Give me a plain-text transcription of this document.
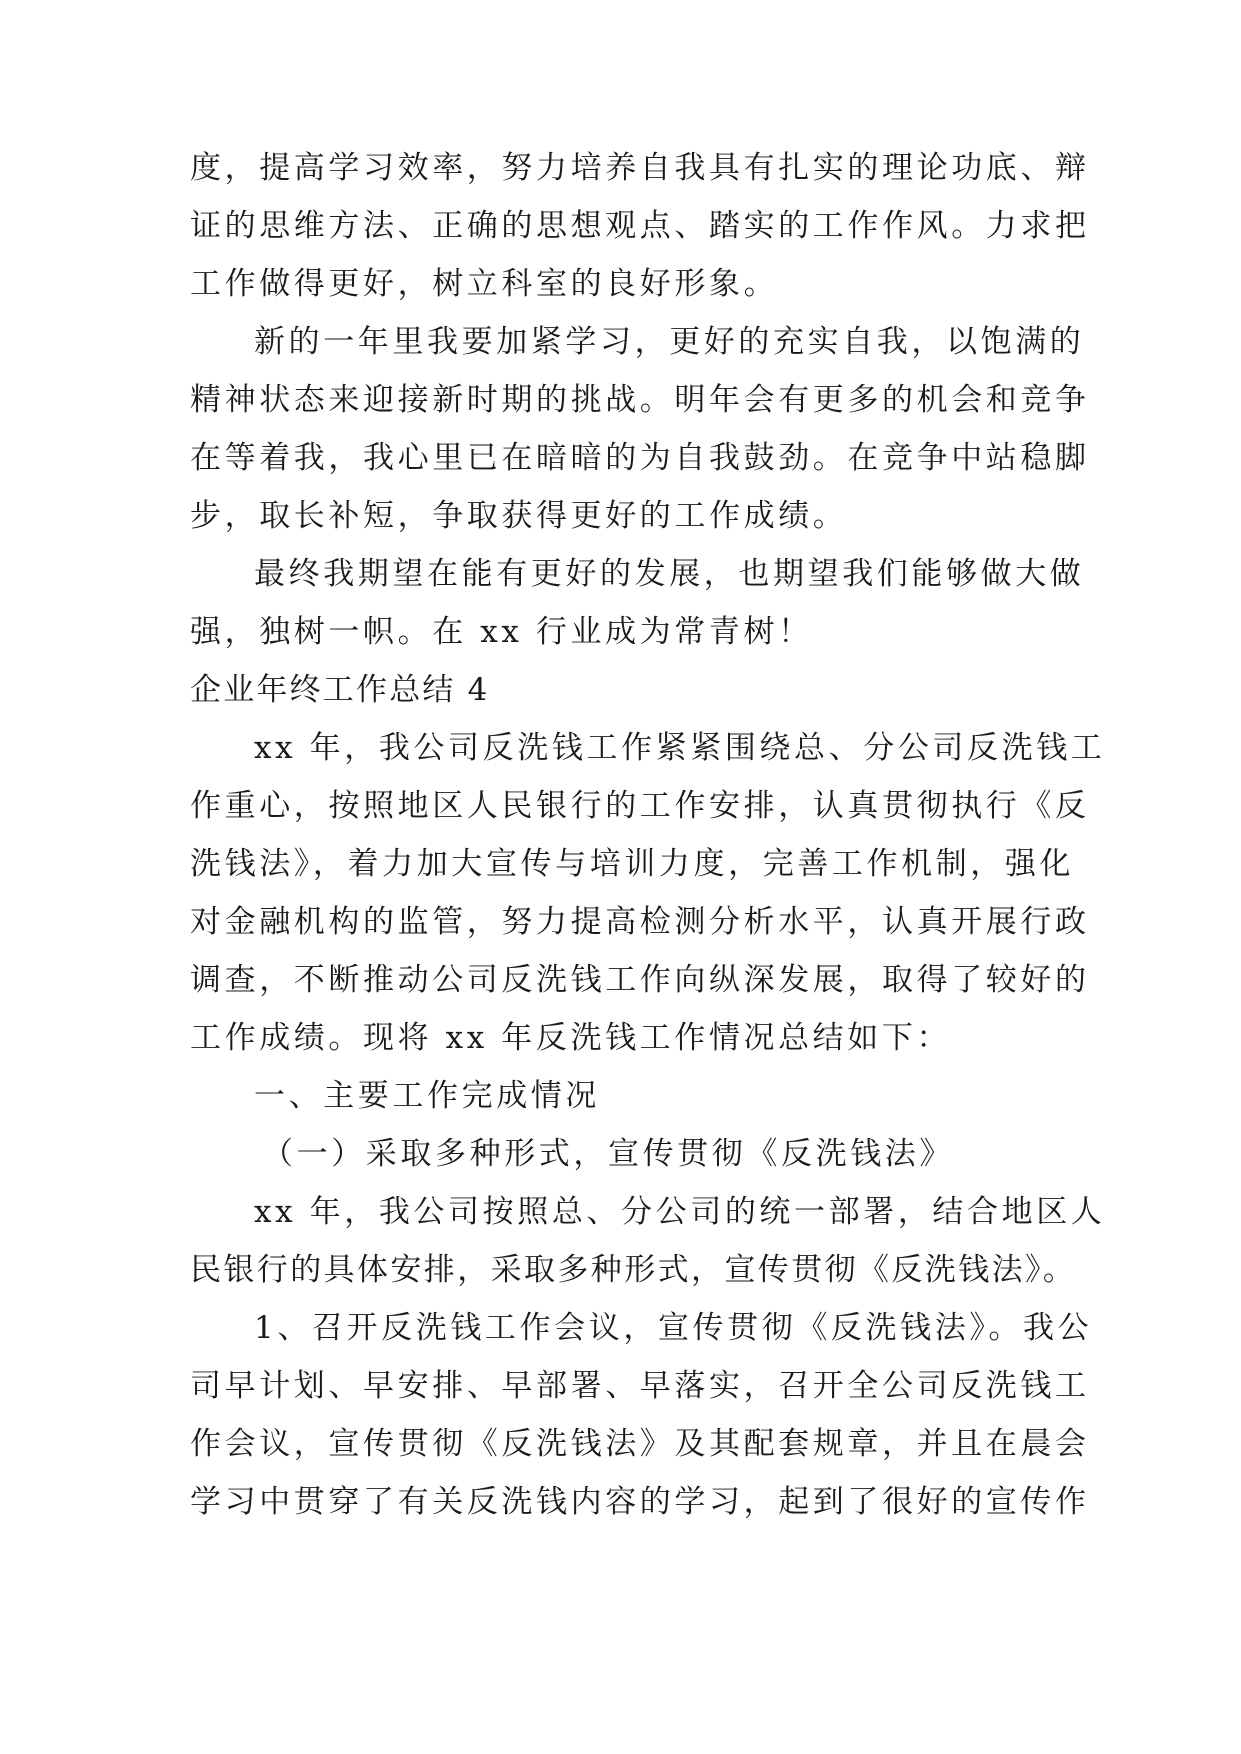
度，提高学习效率，努力培养自我具有扎实的理论功底、辩
证的思维方法、正确的思想观点、踏实的工作作风。力求把
工作做得更好，树立科室的良好形象。
新的一年里我要加紧学习，更好的充实自我，以饱满的
精神状态来迎接新时期的挑战。明年会有更多的机会和竞争
在等着我，我心里已在暗暗的为自我鼓劲。在竞争中站稳脚
步，取长补短，争取获得更好的工作成绩。
最终我期望在能有更好的发展，也期望我们能够做大做
强，独树一帜。在 xx 行业成为常青树！
企业年终工作总结 4
xx 年，我公司反洗钱工作紧紧围绕总、分公司反洗钱工
作重心，按照地区人民银行的工作安排，认真贯彻执行《反
洗钱法》，着力加大宣传与培训力度，完善工作机制，强化
对金融机构的监管，努力提高检测分析水平，认真开展行政
调查，不断推动公司反洗钱工作向纵深发展，取得了较好的
工作成绩。现将 xx 年反洗钱工作情况总结如下：
一、主要工作完成情况
（一）采取多种形式，宣传贯彻《反洗钱法》
xx 年，我公司按照总、分公司的统一部署，结合地区人
民银行的具体安排，采取多种形式，宣传贯彻《反洗钱法》。
1、召开反洗钱工作会议，宣传贯彻《反洗钱法》。我公
司早计划、早安排、早部署、早落实，召开全公司反洗钱工
作会议，宣传贯彻《反洗钱法》及其配套规章，并且在晨会
学习中贯穿了有关反洗钱内容的学习，起到了很好的宣传作
